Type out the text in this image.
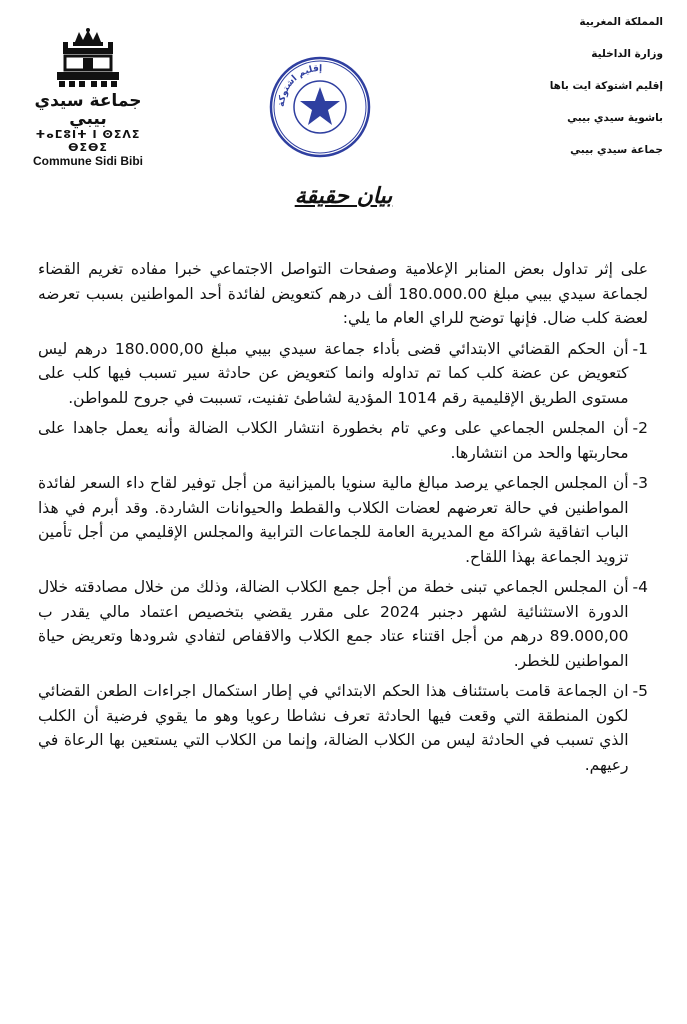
المملكة المغربية
وزارة الداخلية
إقليم اشتوكة ايت باها
باشوية سيدي بيبي
جماعة سيدي بيبي
جماعة سيدي بيبي
ⵜⴰⵎⵓⵏⵜ ⵏ ⵙⵉⴷⵉ ⴱⵉⴱⵉ
Commune Sidi Bibi
إقليم اشتوكة
بيان حقيقة

على إثر تداول بعض المنابر الإعلامية وصفحات التواصل الاجتماعي خبرا مفاده تغريم القضاء لجماعة سيدي بيبي مبلغ 180.000.00 ألف درهم كتعويض لفائدة أحد المواطنين بسبب تعرضه لعضة كلب ضال. فإنها توضح للراي العام ما يلي:

1-
أن الحكم القضائي الابتدائي قضى بأداء جماعة سيدي بيبي مبلغ 180.000,00 درهم ليس كتعويض عن عضة كلب كما تم تداوله وانما كتعويض عن حادثة سير تسبب فيها كلب على مستوى الطريق الإقليمية رقم 1014 المؤدية لشاطئ تفنيت، تسببت في جروح للمواطن.
2-
أن المجلس الجماعي على وعي تام بخطورة انتشار الكلاب الضالة وأنه يعمل جاهدا على محاربتها والحد من انتشارها.
3-
أن المجلس الجماعي يرصد مبالغ مالية سنويا بالميزانية من أجل توفير لقاح داء السعر لفائدة المواطنين في حالة تعرضهم لعضات الكلاب والقطط والحيوانات الشاردة. وقد أبرم في هذا الباب اتفاقية شراكة مع المديرية العامة للجماعات الترابية والمجلس الإقليمي من أجل تأمين تزويد الجماعة بهذا اللقاح.
4-
أن المجلس الجماعي تبنى خطة من أجل جمع الكلاب الضالة، وذلك من خلال مصادقته خلال الدورة الاستثنائية لشهر دجنبر 2024 على مقرر يقضي بتخصيص اعتماد مالي يقدر ب 89.000,00 درهم من أجل اقتناء عتاد جمع الكلاب والاقفاص لتفادي شرودها وتعريض حياة المواطنين للخطر.
5-
ان الجماعة قامت باستئناف هذا الحكم الابتدائي في إطار استكمال اجراءات الطعن القضائي لكون المنطقة التي وقعت فيها الحادثة تعرف نشاطا رعويا وهو ما يقوي فرضية أن الكلب الذي تسبب في الحادثة ليس من الكلاب الضالة، وإنما من الكلاب التي يستعين بها الرعاة في رعيهم.
